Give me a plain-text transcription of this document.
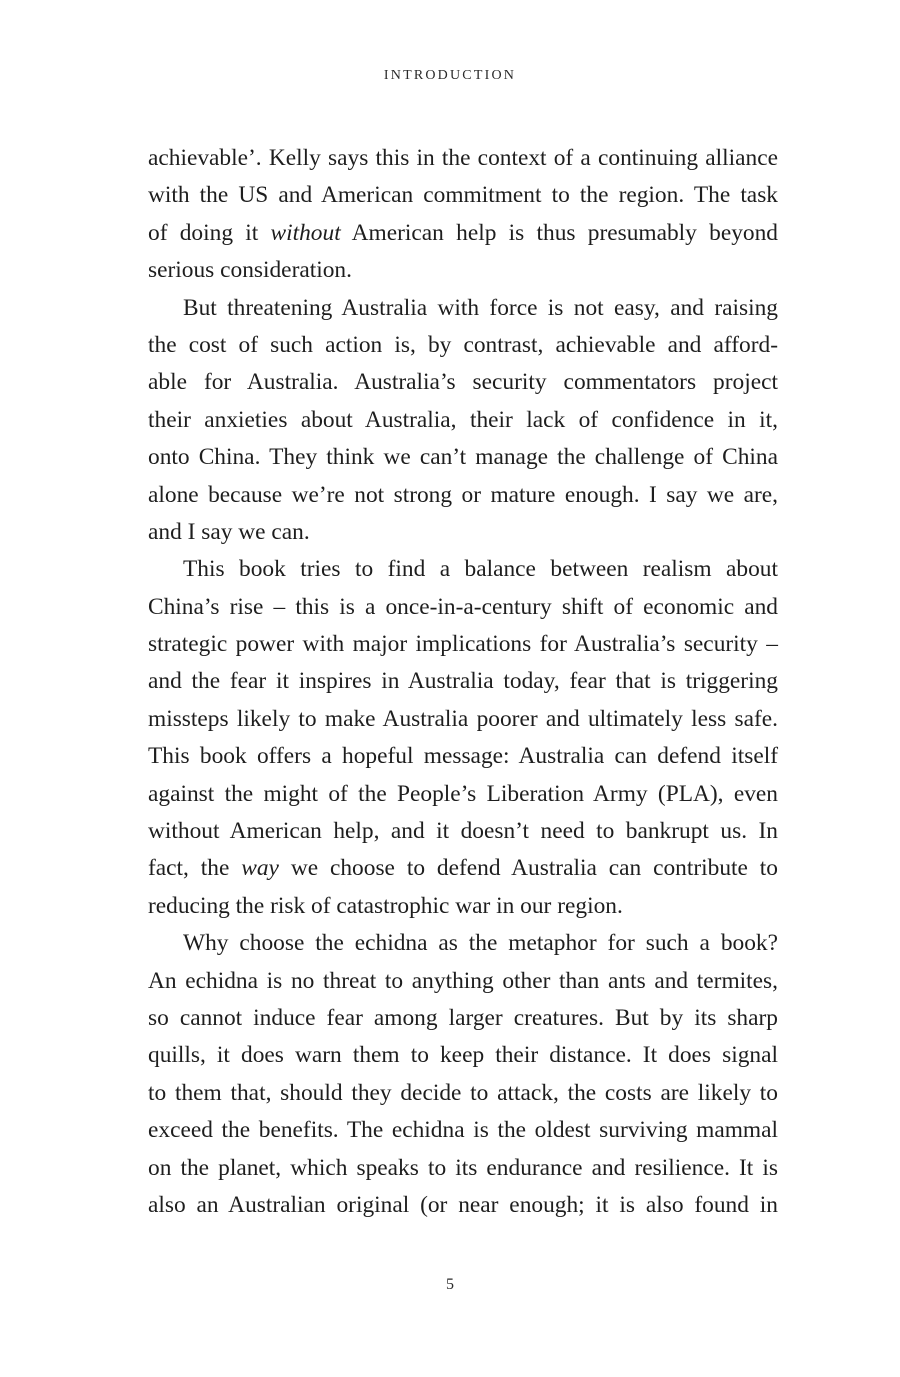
INTRODUCTION
achievable’. Kelly says this in the context of a continuing alliance
with the US and American commitment to the region. The task
of doing it without American help is thus presumably beyond
serious consideration.
But threatening Australia with force is not easy, and raising
the cost of such action is, by contrast, achievable and afford-
able for Australia. Australia’s security commentators project
their anxieties about Australia, their lack of confidence in it,
onto China. They think we can’t manage the challenge of China
alone because we’re not strong or mature enough. I say we are,
and I say we can.
This book tries to find a balance between realism about
China’s rise – this is a once-in-a-century shift of economic and
strategic power with major implications for Australia’s security –
and the fear it inspires in Australia today, fear that is triggering
missteps likely to make Australia poorer and ultimately less safe.
This book offers a hopeful message: Australia can defend itself
against the might of the People’s Liberation Army (PLA), even
without American help, and it doesn’t need to bankrupt us. In
fact, the way we choose to defend Australia can contribute to
reducing the risk of catastrophic war in our region.
Why choose the echidna as the metaphor for such a book?
An echidna is no threat to anything other than ants and termites,
so cannot induce fear among larger creatures. But by its sharp
quills, it does warn them to keep their distance. It does signal
to them that, should they decide to attack, the costs are likely to
exceed the benefits. The echidna is the oldest surviving mammal
on the planet, which speaks to its endurance and resilience. It is
also an Australian original (or near enough; it is also found in
5
